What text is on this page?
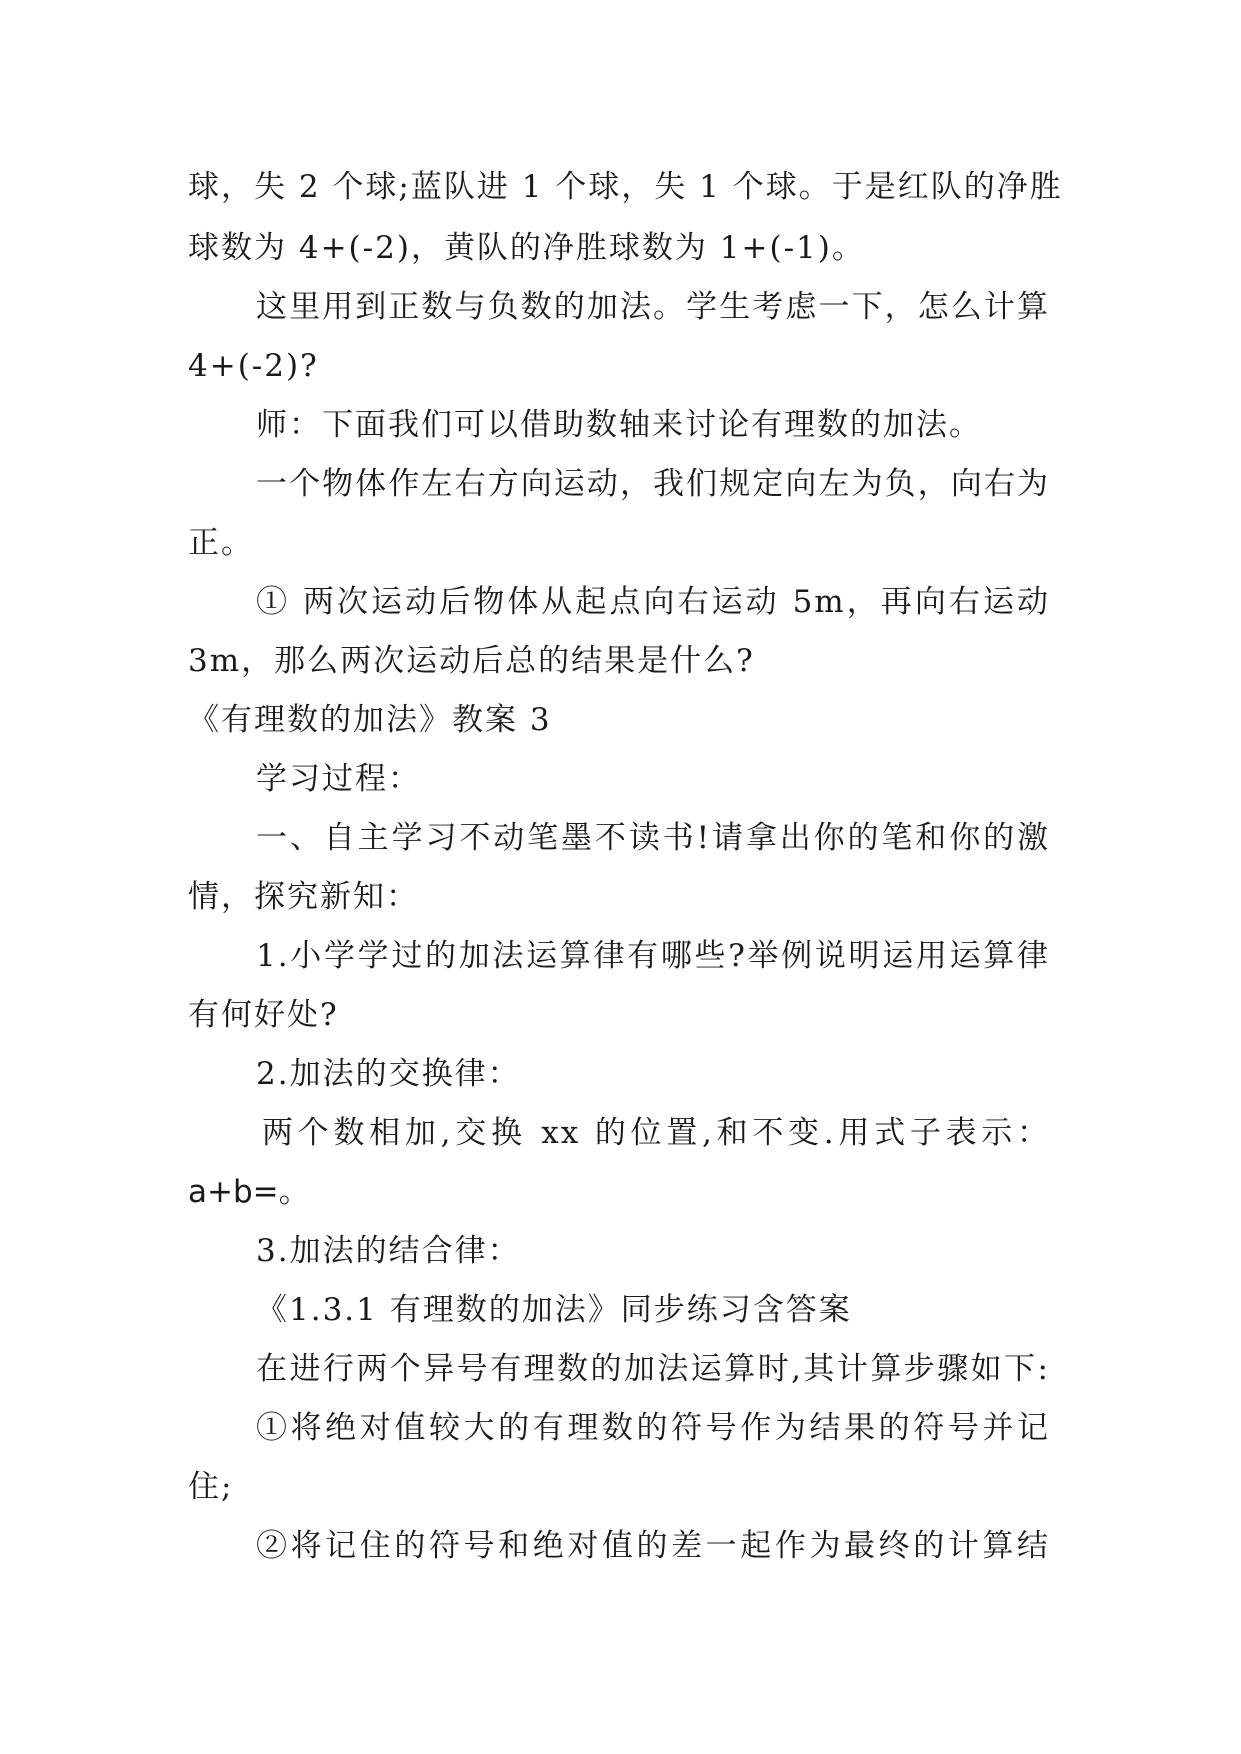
球，失 2 个球;蓝队进 1 个球，失 1 个球。于是红队的净胜
球数为 4+(-2)，黄队的净胜球数为 1+(-1)。
这里用到正数与负数的加法。学生考虑一下，怎么计算
4+(-2)?
师：下面我们可以借助数轴来讨论有理数的加法。
一个物体作左右方向运动，我们规定向左为负，向右为
正。
① 两次运动后物体从起点向右运动 5m，再向右运动
3m，那么两次运动后总的结果是什么?
《有理数的加法》教案 3
学习过程：
一、自主学习不动笔墨不读书!请拿出你的笔和你的激
情，探究新知：
1.小学学过的加法运算律有哪些?举例说明运用运算律
有何好处?
2.加法的交换律：
两个数相加,交换 xx 的位置,和不变.用式子表示：
a+b=。
3.加法的结合律：
《1.3.1 有理数的加法》同步练习含答案
在进行两个异号有理数的加法运算时,其计算步骤如下:
①将绝对值较大的有理数的符号作为结果的符号并记
住;
②将记住的符号和绝对值的差一起作为最终的计算结
